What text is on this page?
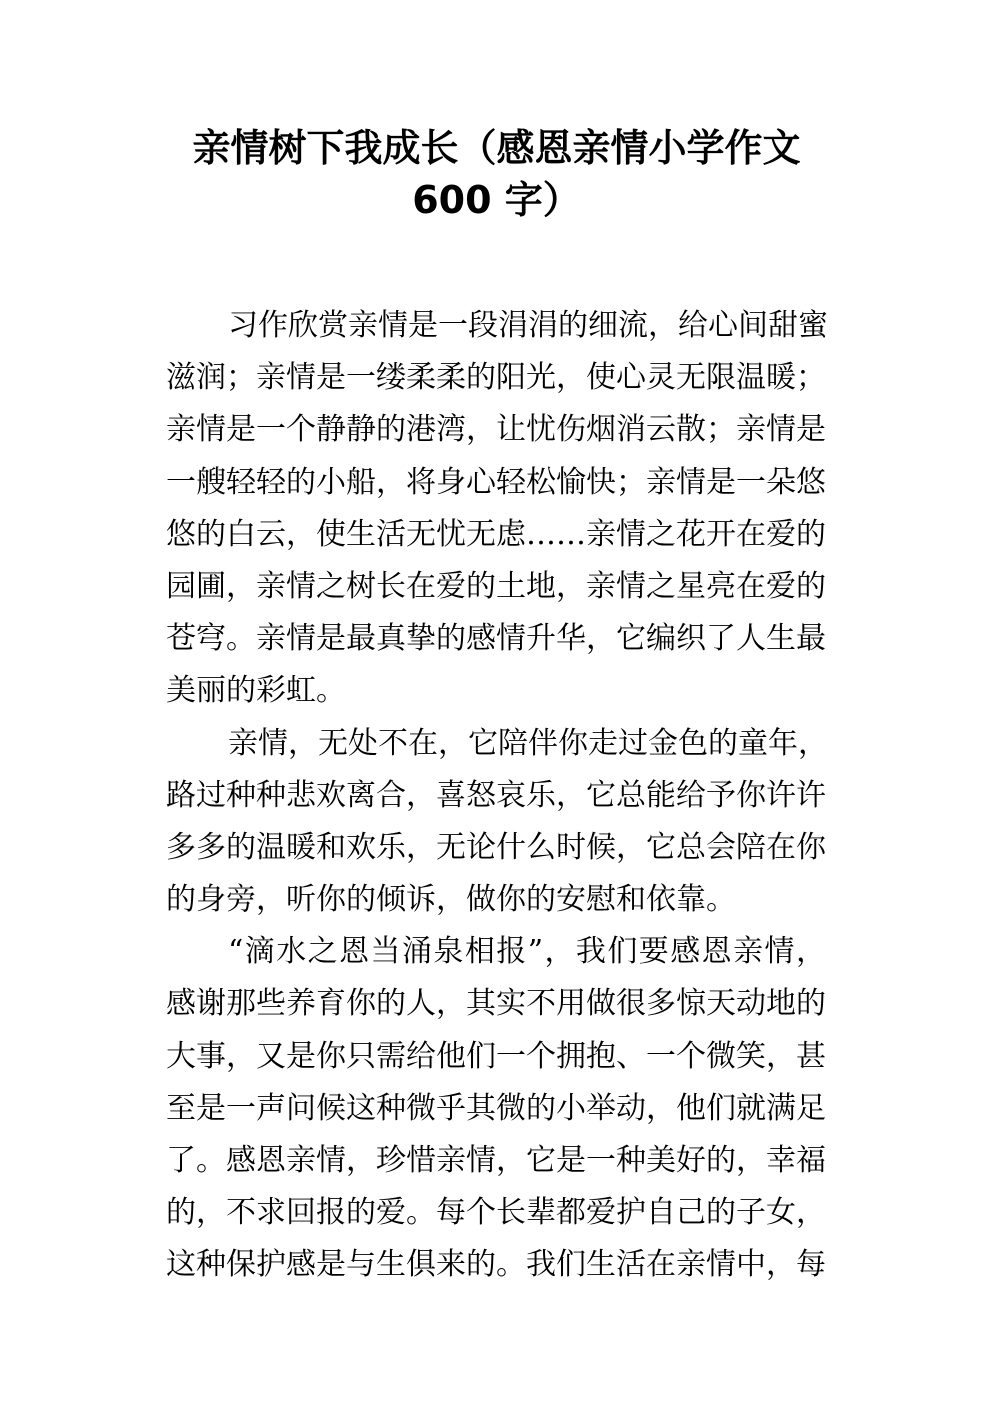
亲情树下我成长（感恩亲情小学作文
600 字）
习作欣赏亲情是一段涓涓的细流，给心间甜蜜
滋润；亲情是一缕柔柔的阳光，使心灵无限温暖；
亲情是一个静静的港湾，让忧伤烟消云散；亲情是
一艘轻轻的小船，将身心轻松愉快；亲情是一朵悠
悠的白云，使生活无忧无虑……亲情之花开在爱的
园圃，亲情之树长在爱的土地，亲情之星亮在爱的
苍穹。亲情是最真挚的感情升华，它编织了人生最
美丽的彩虹。
亲情，无处不在，它陪伴你走过金色的童年，
路过种种悲欢离合，喜怒哀乐，它总能给予你许许
多多的温暖和欢乐，无论什么时候，它总会陪在你
的身旁，听你的倾诉，做你的安慰和依靠。
“滴水之恩当涌泉相报”，我们要感恩亲情，
感谢那些养育你的人，其实不用做很多惊天动地的
大事，又是你只需给他们一个拥抱、一个微笑，甚
至是一声问候这种微乎其微的小举动，他们就满足
了。感恩亲情，珍惜亲情，它是一种美好的，幸福
的，不求回报的爱。每个长辈都爱护自己的子女，
这种保护感是与生俱来的。我们生活在亲情中，每
